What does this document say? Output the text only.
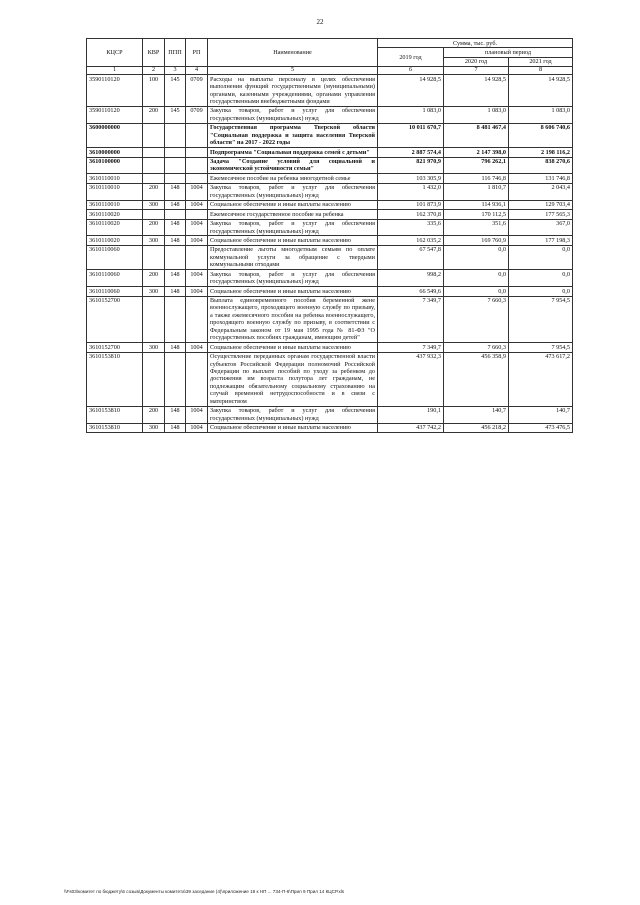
22
КЦСР	КВР	ППП	РП	Наименование	Сумма, тыс. руб.		
					2019 год	плановый период	
						2020 год	2021 год
1	2	3	4	5	6	7	8
3590110120	100	145	0709	Расходы на выплаты персоналу в целях обеспечения выполнения функций государственными (муниципальными) органами, казенными учреждениями, органами управления государственными внебюджетными фондами	14 928,5	14 928,5	14 928,5
3590110120	200	145	0709	Закупка товаров, работ и услуг для обеспечения государственных (муниципальных) нужд	1 083,0	1 083,0	1 083,0
3600000000				Государственная программа Тверской области "Социальная поддержка и защита населения Тверской области" на 2017 - 2022 годы	10 011 670,7	8 481 467,4	8 606 740,6
3610000000				Подпрограмма "Социальная поддержка семей с детьми"	2 887 574,4	2 147 398,0	2 198 116,2
3610100000				Задача "Создание условий для социальной и экономической устойчивости семьи"	821 970,9	796 262,1	838 270,6
3610110010				Ежемесячное пособие на ребенка многодетной семье	103 305,9	116 746,8	131 746,8
3610110010	200	148	1004	Закупка товаров, работ и услуг для обеспечения государственных (муниципальных) нужд	1 432,0	1 810,7	2 043,4
3610110010	300	148	1004	Социальное обеспечение и иные выплаты населению	101 873,9	114 936,1	129 703,4
3610110020				Ежемесячное государственное пособие на ребенка	162 370,8	170 112,5	177 565,3
3610110020	200	148	1004	Закупка товаров, работ и услуг для обеспечения государственных (муниципальных) нужд	335,6	351,6	367,0
3610110020	300	148	1004	Социальное обеспечение и иные выплаты населению	162 035,2	169 760,9	177 198,3
3610110060				Предоставление льготы многодетным семьям по оплате коммунальной услуги за обращение с твердыми коммунальными отходами	67 547,8	0,0	0,0
3610110060	200	148	1004	Закупка товаров, работ и услуг для обеспечения государственных (муниципальных) нужд	998,2	0,0	0,0
3610110060	300	148	1004	Социальное обеспечение и иные выплаты населению	66 549,6	0,0	0,0
3610152700				Выплата единовременного пособия беременной жене военнослужащего, проходящего военную службу по призыву, а также ежемесячного пособия на ребенка военнослужащего, проходящего военную службу по призыву, в соответствии с Федеральным законом от 19 мая 1995 года № 81-ФЗ "О государственных пособиях гражданам, имеющим детей"	7 349,7	7 660,3	7 954,5
3610152700	300	148	1004	Социальное обеспечение и иные выплаты населению	7 349,7	7 660,3	7 954,5
3610153810				Осуществление переданных органам государственной власти субъектов Российской Федерации полномочий Российской Федерации по выплате пособий по уходу за ребенком до достижения им возраста полутора лет гражданам, не подлежащим обязательному социальному страхованию на случай временной нетрудоспособности и в связи с материнством	437 932,3	456 358,9	473 617,2
3610153810	200	148	1004	Закупка товаров, работ и услуг для обеспечения государственных (муниципальных) нужд	190,1	140,7	140,7
3610153810	300	148	1004	Социальное обеспечение и иные выплаты населению	437 742,2	456 218,2	473 476,5
\\Fs03\комитет по бюджету\6 созыв\Документы комитета\39 заседание (4)\приложение 19 к НП ... 734-П-6\Прил 9 Прил 14 КЦСР.xls
